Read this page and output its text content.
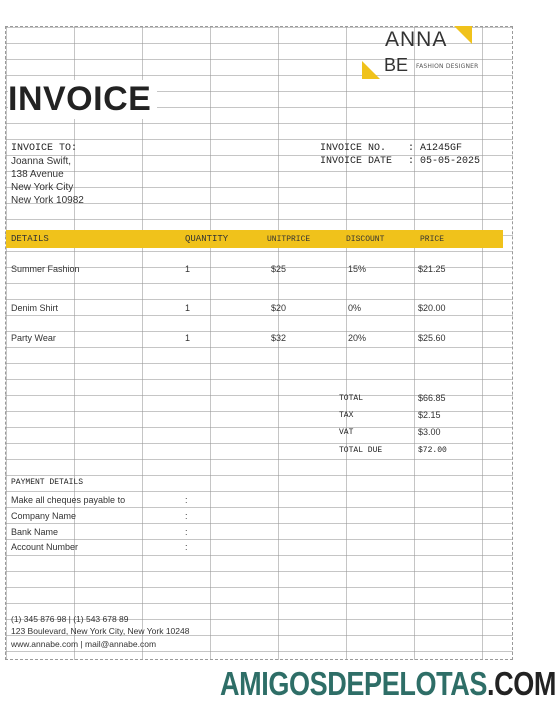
ANNA
BE FASHION DESIGNER
INVOICE
INVOICE TO:
Joanna Swift,
138 Avenue
New York City
New York 10982
INVOICE NO. : A1245GF
INVOICE DATE : 05-05-2025
DETAILS	QUANTITY	UNITPRICE	DISCOUNT	PRICE
Summer Fashion	1	$25	15%	$21.25
Denim Shirt	1	$20	0%	$20.00
Party Wear	1	$32	20%	$25.60
TOTAL	$66.85
TAX	$2.15
VAT	$3.00
TOTAL DUE	$72.00
PAYMENT DETAILS
Make all cheques payable to	:
Company Name	:
Bank Name	:
Account Number	:
(1) 345 876 98 | (1) 543 678 89
123 Boulevard, New York City, New York 10248
www.annabe.com | mail@annabe.com
AMIGOSDEPELOTAS.COM
